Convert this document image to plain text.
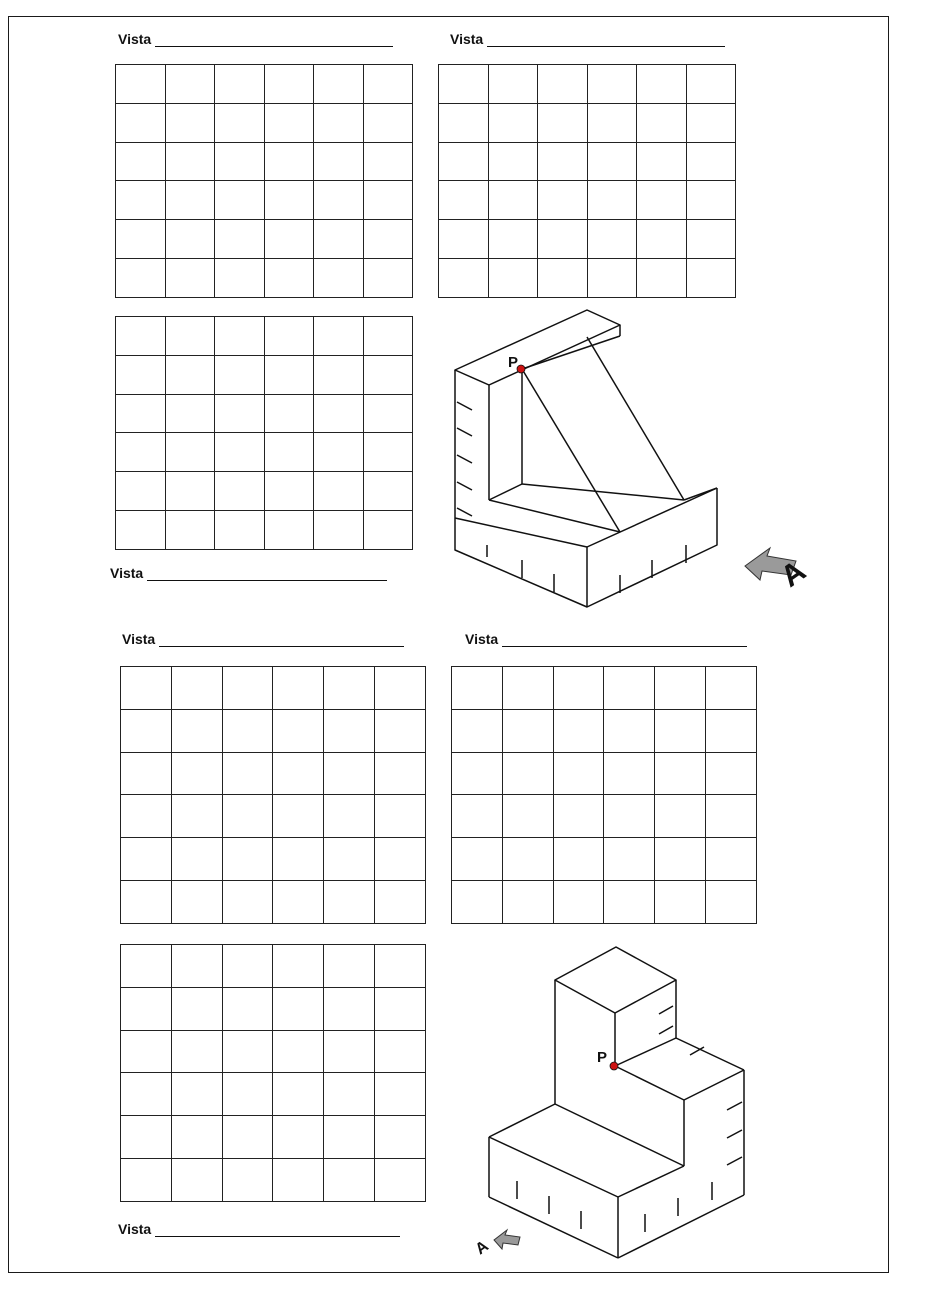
Vista	Vista
Vista
Vista	Vista
Vista
P
A
P
A
